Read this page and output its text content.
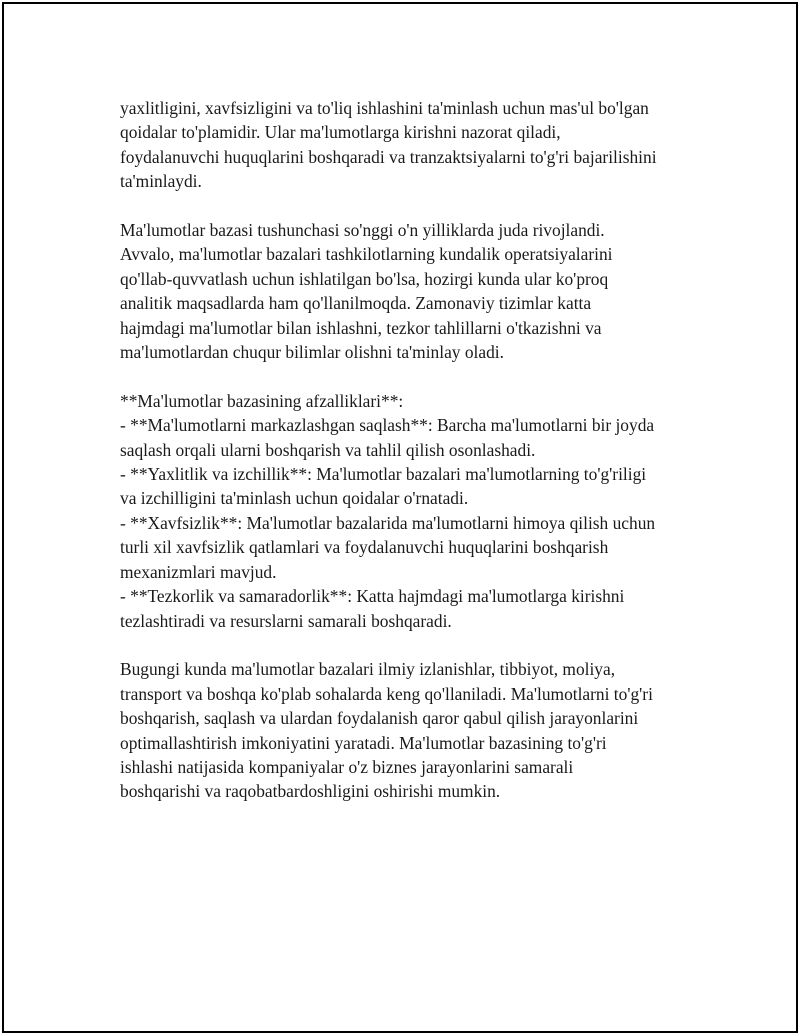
yaxlitligini, xavfsizligini va to'liq ishlashini ta'minlash uchun mas'ul bo'lgan
qoidalar to'plamidir. Ular ma'lumotlarga kirishni nazorat qiladi,
foydalanuvchi huquqlarini boshqaradi va tranzaktsiyalarni to'g'ri bajarilishini
ta'minlaydi.

Ma'lumotlar bazasi tushunchasi so'nggi o'n yilliklarda juda rivojlandi.
Avvalo, ma'lumotlar bazalari tashkilotlarning kundalik operatsiyalarini
qo'llab-quvvatlash uchun ishlatilgan bo'lsa, hozirgi kunda ular ko'proq
analitik maqsadlarda ham qo'llanilmoqda. Zamonaviy tizimlar katta
hajmdagi ma'lumotlar bilan ishlashni, tezkor tahlillarni o'tkazishni va
ma'lumotlardan chuqur bilimlar olishni ta'minlay oladi.

**Ma'lumotlar bazasining afzalliklari**:
- **Ma'lumotlarni markazlashgan saqlash**: Barcha ma'lumotlarni bir joyda
saqlash orqali ularni boshqarish va tahlil qilish osonlashadi.
- **Yaxlitlik va izchillik**: Ma'lumotlar bazalari ma'lumotlarning to'g'riligi
va izchilligini ta'minlash uchun qoidalar o'rnatadi.
- **Xavfsizlik**: Ma'lumotlar bazalarida ma'lumotlarni himoya qilish uchun
turli xil xavfsizlik qatlamlari va foydalanuvchi huquqlarini boshqarish
mexanizmlari mavjud.
- **Tezkorlik va samaradorlik**: Katta hajmdagi ma'lumotlarga kirishni
tezlashtiradi va resurslarni samarali boshqaradi.

Bugungi kunda ma'lumotlar bazalari ilmiy izlanishlar, tibbiyot, moliya,
transport va boshqa ko'plab sohalarda keng qo'llaniladi. Ma'lumotlarni to'g'ri
boshqarish, saqlash va ulardan foydalanish qaror qabul qilish jarayonlarini
optimallashtirish imkoniyatini yaratadi. Ma'lumotlar bazasining to'g'ri
ishlashi natijasida kompaniyalar o'z biznes jarayonlarini samarali
boshqarishi va raqobatbardoshligini oshirishi mumkin.
